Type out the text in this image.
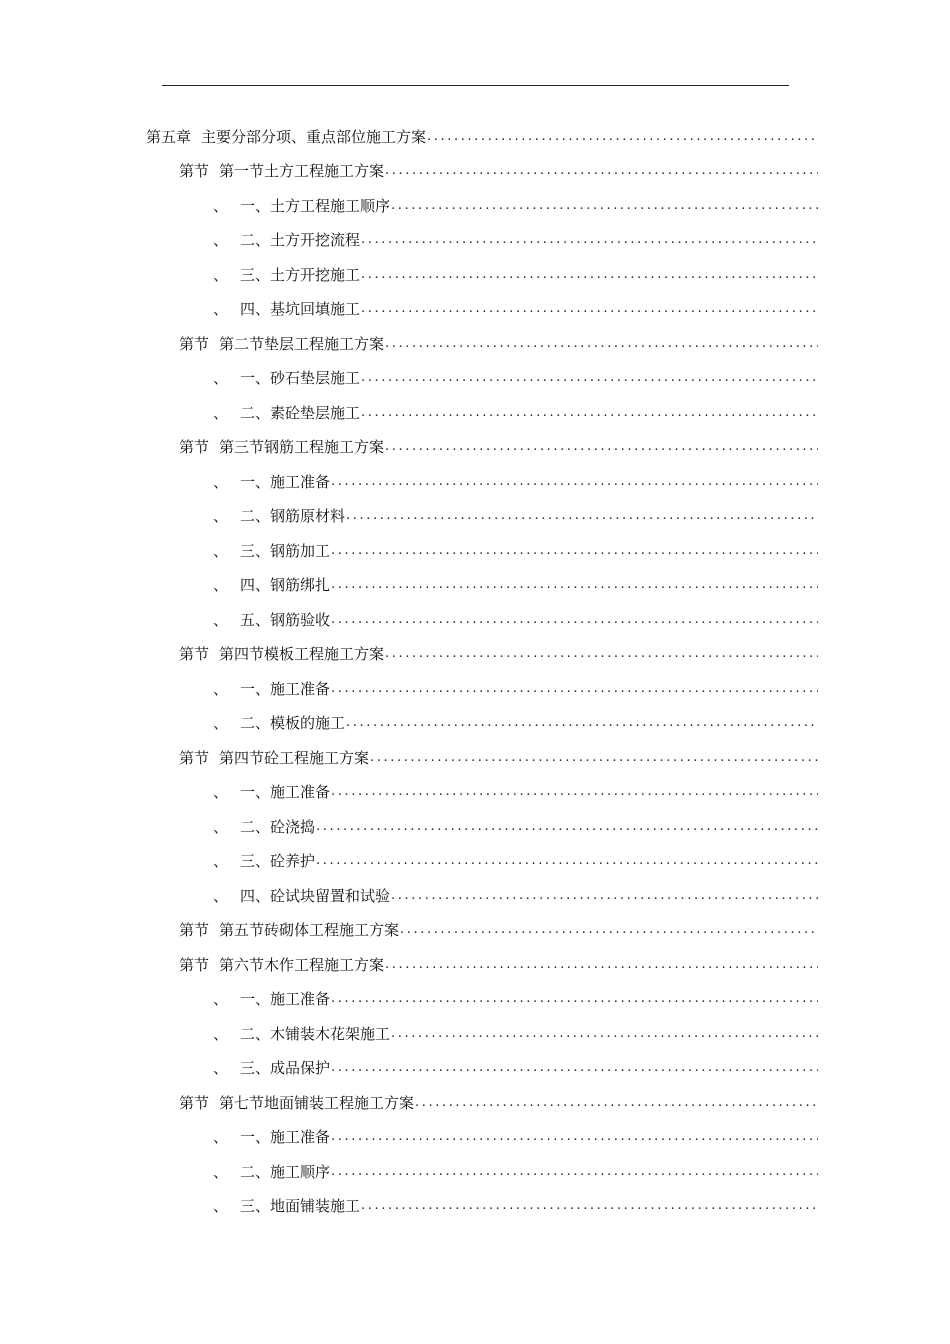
第五章 主要分部分项、重点部位施工方案
.....
第节 第一节土方工程施工方案
.....
、 一、土方工程施工顺序
.....
、 二、土方开挖流程
.....
、 三、土方开挖施工
.....
、 四、基坑回填施工
.....
第节 第二节垫层工程施工方案
.....
、 一、砂石垫层施工
.....
、 二、素砼垫层施工
.....
第节 第三节钢筋工程施工方案
.....
、 一、施工准备
.....
、 二、钢筋原材料
.....
、 三、钢筋加工
.....
、 四、钢筋绑扎
.....
、 五、钢筋验收
.....
第节 第四节模板工程施工方案
.....
、 一、施工准备
.....
、 二、模板的施工
.....
第节 第四节砼工程施工方案
.....
、 一、施工准备
.....
、 二、砼浇捣
.....
、 三、砼养护
.....
、 四、砼试块留置和试验
.....
第节 第五节砖砌体工程施工方案
.....
第节 第六节木作工程施工方案
.....
、 一、施工准备
.....
、 二、木铺装木花架施工
.....
、 三、成品保护
.....
第节 第七节地面铺装工程施工方案
.....
、 一、施工准备
.....
、 二、施工顺序
.....
、 三、地面铺装施工
.....
